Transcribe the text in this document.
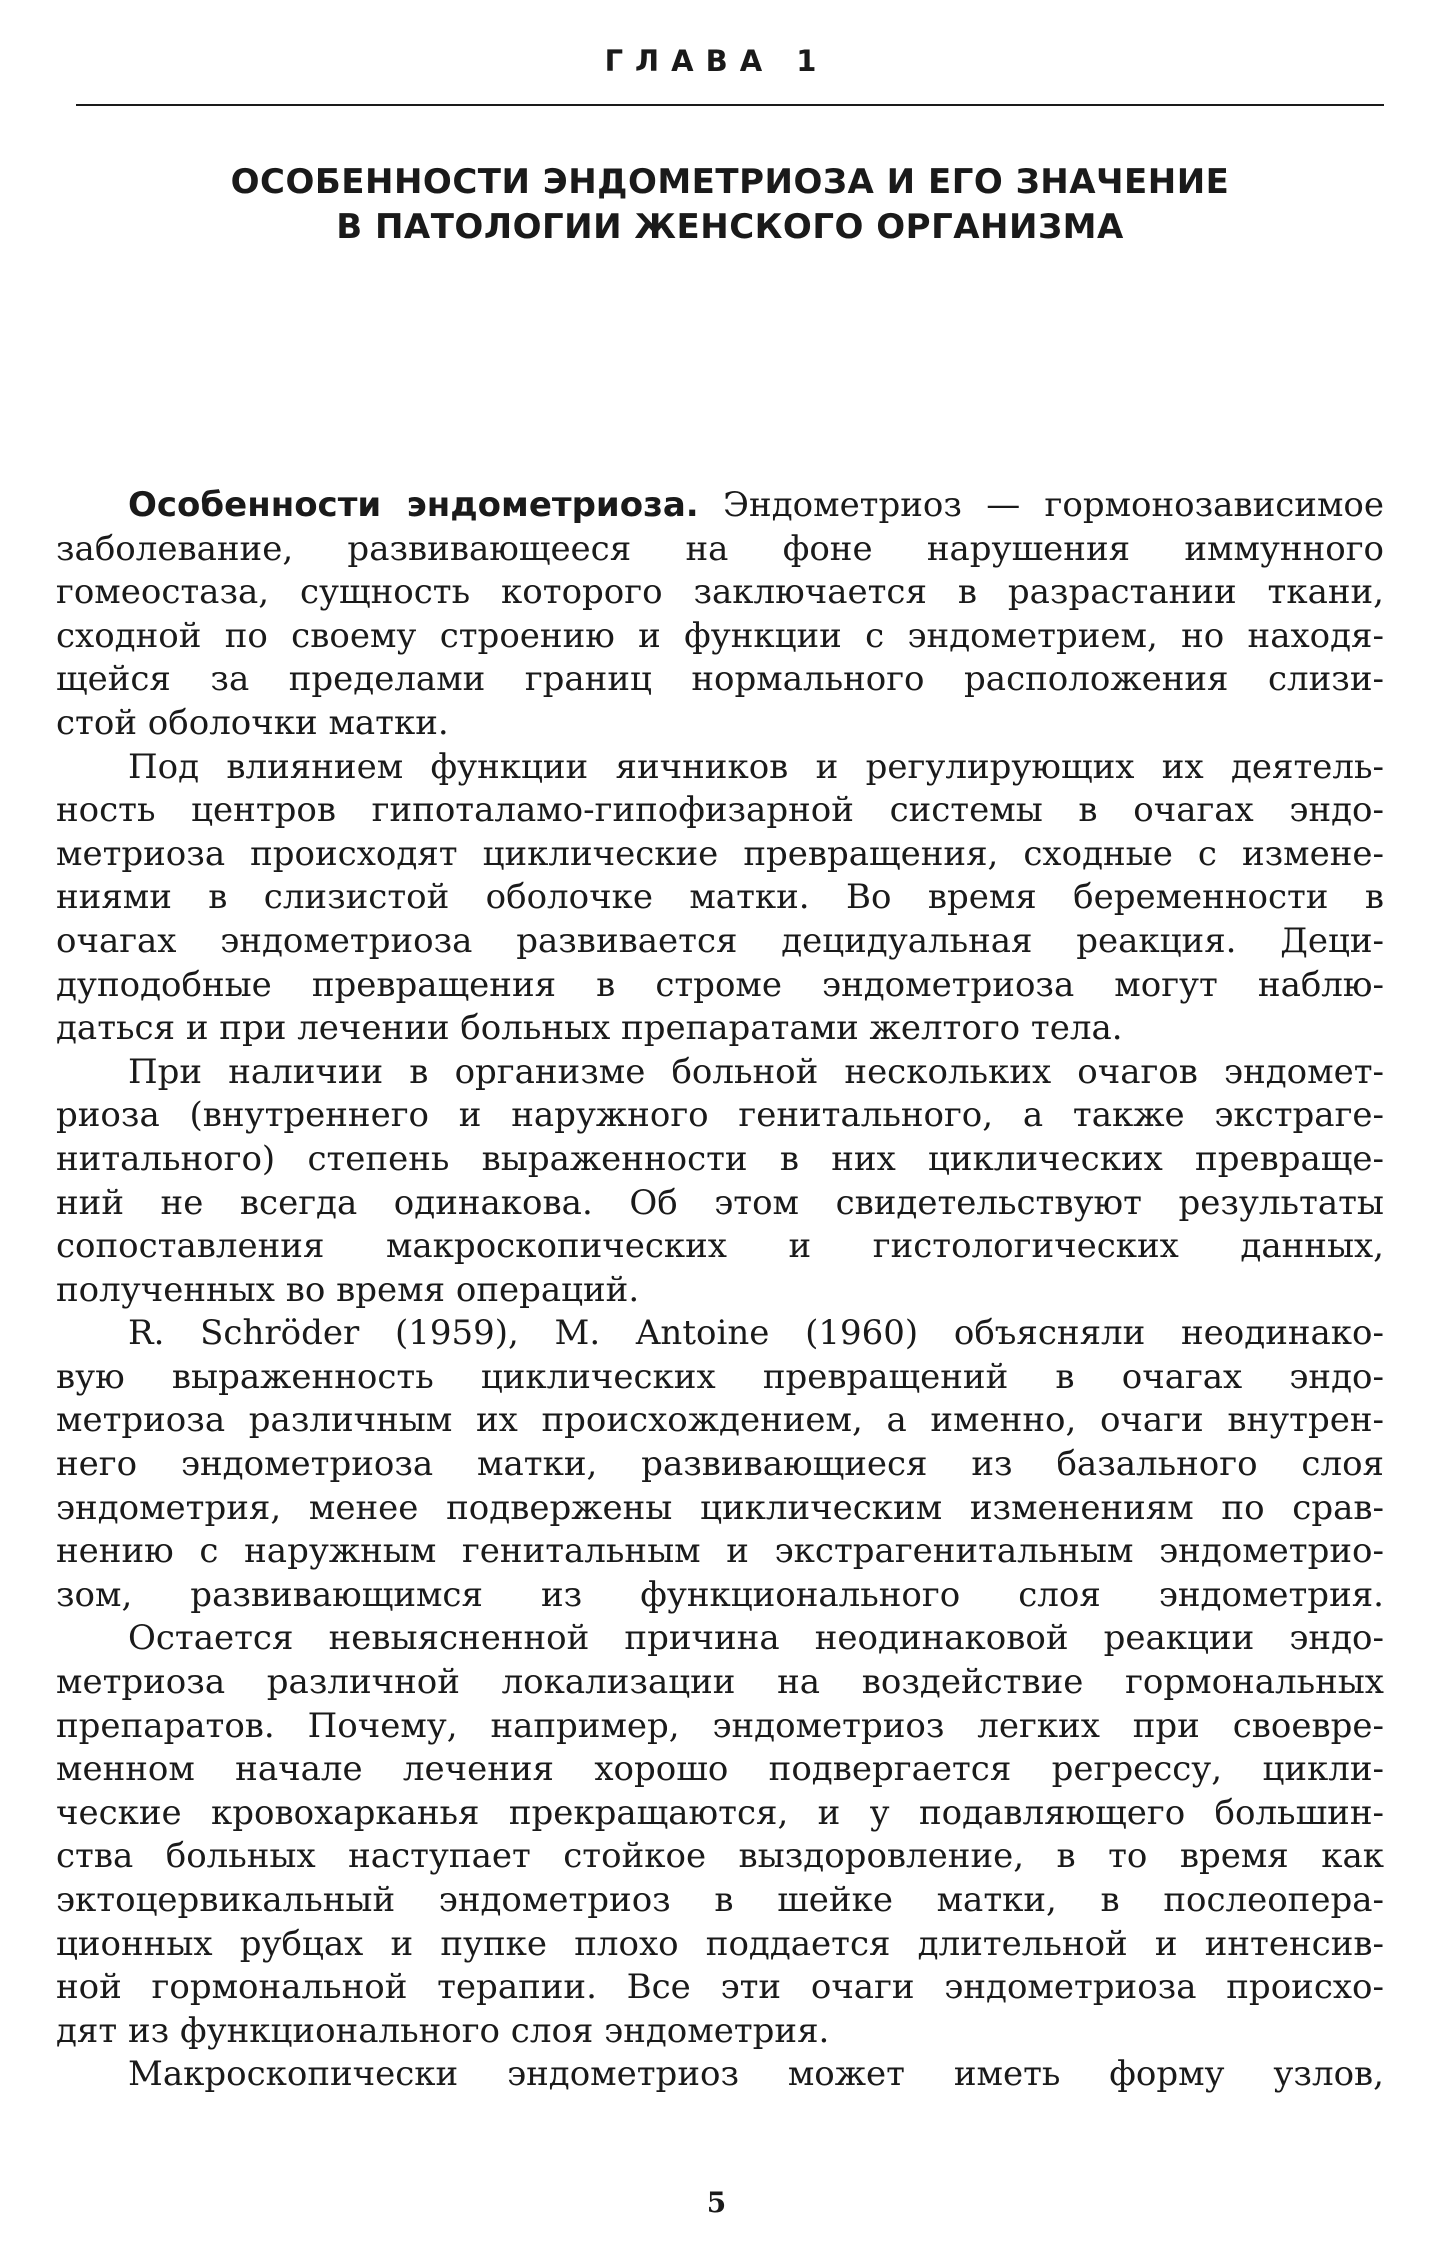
ГЛАВА 1
ОСОБЕННОСТИ ЭНДОМЕТРИОЗА И ЕГО ЗНАЧЕНИЕ
В ПАТОЛОГИИ ЖЕНСКОГО ОРГАНИЗМА

Особенности эндометриоза. Эндометриоз — гормонозависимое
заболевание, развивающееся на фоне нарушения иммунного
гомеостаза, сущность которого заключается в разрастании ткани,
сходной по своему строению и функции с эндометрием, но находя-
щейся за пределами границ нормального расположения слизи-
стой оболочки матки.

Под влиянием функции яичников и регулирующих их деятель-
ность центров гипоталамо-гипофизарной системы в очагах эндо-
метриоза происходят циклические превращения, сходные с измене-
ниями в слизистой оболочке матки. Во время беременности в
очагах эндометриоза развивается децидуальная реакция. Деци-
дуподобные превращения в строме эндометриоза могут наблю-
даться и при лечении больных препаратами желтого тела.

При наличии в организме больной нескольких очагов эндомет-
риоза (внутреннего и наружного генитального, а также экстраге-
нитального) степень выраженности в них циклических превраще-
ний не всегда одинакова. Об этом свидетельствуют результаты
сопоставления макроскопических и гистологических данных,
полученных во время операций.

R. Schröder (1959), M. Antoine (1960) объясняли неодинако-
вую выраженность циклических превращений в очагах эндо-
метриоза различным их происхождением, а именно, очаги внутрен-
него эндометриоза матки, развивающиеся из базального слоя
эндометрия, менее подвержены циклическим изменениям по срав-
нению с наружным генитальным и экстрагенитальным эндометрио-
зом, развивающимся из функционального слоя эндометрия.

Остается невыясненной причина неодинаковой реакции эндо-
метриоза различной локализации на воздействие гормональных
препаратов. Почему, например, эндометриоз легких при своевре-
менном начале лечения хорошо подвергается регрессу, цикли-
ческие кровохарканья прекращаются, и у подавляющего большин-
ства больных наступает стойкое выздоровление, в то время как
эктоцервикальный эндометриоз в шейке матки, в послеопера-
ционных рубцах и пупке плохо поддается длительной и интенсив-
ной гормональной терапии. Все эти очаги эндометриоза происхо-
дят из функционального слоя эндометрия.

Макроскопически эндометриоз может иметь форму узлов,

5
